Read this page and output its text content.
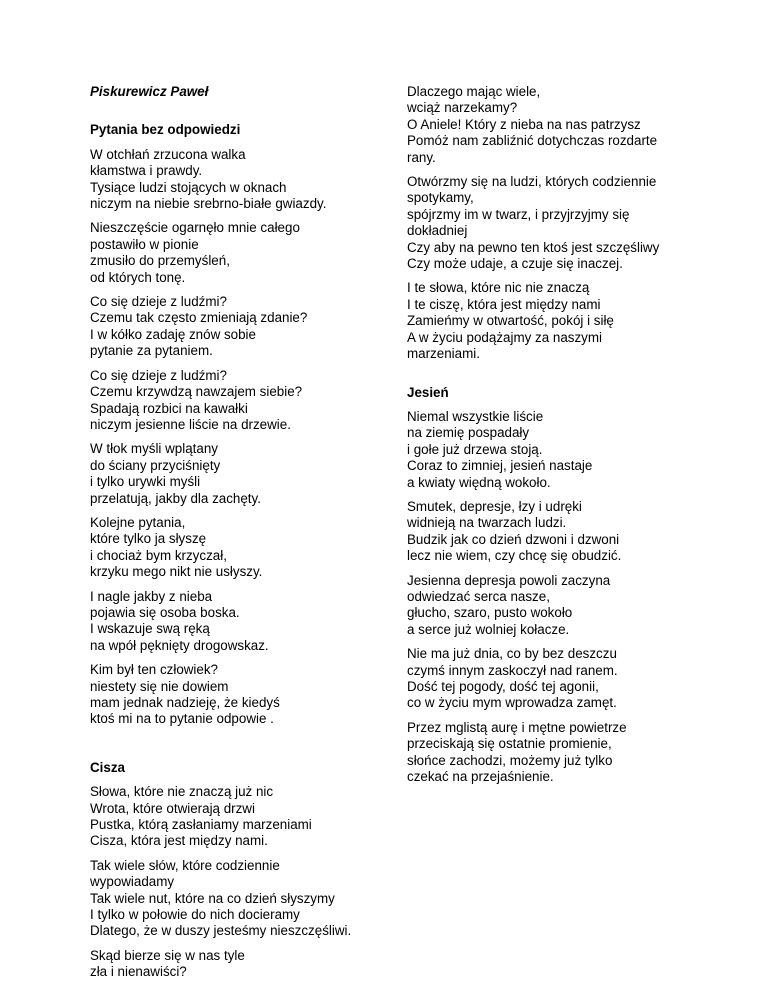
Piskurewicz Paweł
Pytania bez odpowiedzi
W otchłań zrzucona walka
kłamstwa i prawdy.
Tysiące ludzi stojących w oknach
niczym na niebie srebrno-białe gwiazdy.
Nieszczęście ogarnęło mnie całego
postawiło w pionie
zmusiło do przemyśleń,
od których tonę.
Co się dzieje z ludźmi?
Czemu tak często zmieniają zdanie?
I w kółko zadaję znów sobie
pytanie za pytaniem.
Co się dzieje z ludźmi?
Czemu krzywdzą nawzajem siebie?
Spadają rozbici na kawałki
niczym jesienne liście na drzewie.
W tłok myśli wplątany
do ściany przyciśnięty
i tylko urywki myśli
przelatują, jakby dla zachęty.
Kolejne pytania,
które tylko ja słyszę
i chociaż bym krzyczał,
krzyku mego nikt nie usłyszy.
I nagle jakby z nieba
pojawia się osoba boska.
I wskazuje swą ręką
na wpół pęknięty drogowskaz.
Kim był ten człowiek?
niestety się nie dowiem
mam jednak nadzieję, że kiedyś
ktoś mi na to pytanie odpowie .
Cisza
Słowa, które nie znaczą już nic
Wrota, które otwierają drzwi
Pustka, którą zasłaniamy marzeniami
Cisza, która jest między nami.
Tak wiele słów, które codziennie
wypowiadamy
Tak wiele nut, które na co dzień słyszymy
I tylko w połowie do nich docieramy
Dlatego, że w duszy jesteśmy nieszczęśliwi.
Skąd bierze się w nas tyle
zła i nienawiści?
Dlaczego mając wiele,
wciąż narzekamy?
O Aniele! Który z nieba na nas patrzysz
Pomóż nam zabliźnić dotychczas rozdarte
rany.
Otwórzmy się na ludzi, których codziennie
spotykamy,
spójrzmy im w twarz, i przyjrzyjmy się
dokładniej
Czy aby na pewno ten ktoś jest szczęśliwy
Czy może udaje, a czuje się inaczej.
I te słowa, które nic nie znaczą
I te ciszę, która jest między nami
Zamieńmy w otwartość, pokój i siłę
A w życiu podążajmy za naszymi
marzeniami.
Jesień
Niemal wszystkie liście
na ziemię pospadały
i gołe już drzewa stoją.
Coraz to zimniej, jesień nastaje
a kwiaty więdną wokoło.
Smutek, depresje, łzy i udręki
widnieją na twarzach ludzi.
Budzik jak co dzień dzwoni i dzwoni
lecz nie wiem, czy chcę się obudzić.
Jesienna depresja powoli zaczyna
odwiedzać serca nasze,
głucho, szaro, pusto wokoło
a serce już wolniej kołacze.
Nie ma już dnia, co by bez deszczu
czymś innym zaskoczył nad ranem.
Dość tej pogody, dość tej agonii,
co w życiu mym wprowadza zamęt.
Przez mglistą aurę i mętne powietrze
przeciskają się ostatnie promienie,
słońce zachodzi, możemy już tylko
czekać na przejaśnienie.
